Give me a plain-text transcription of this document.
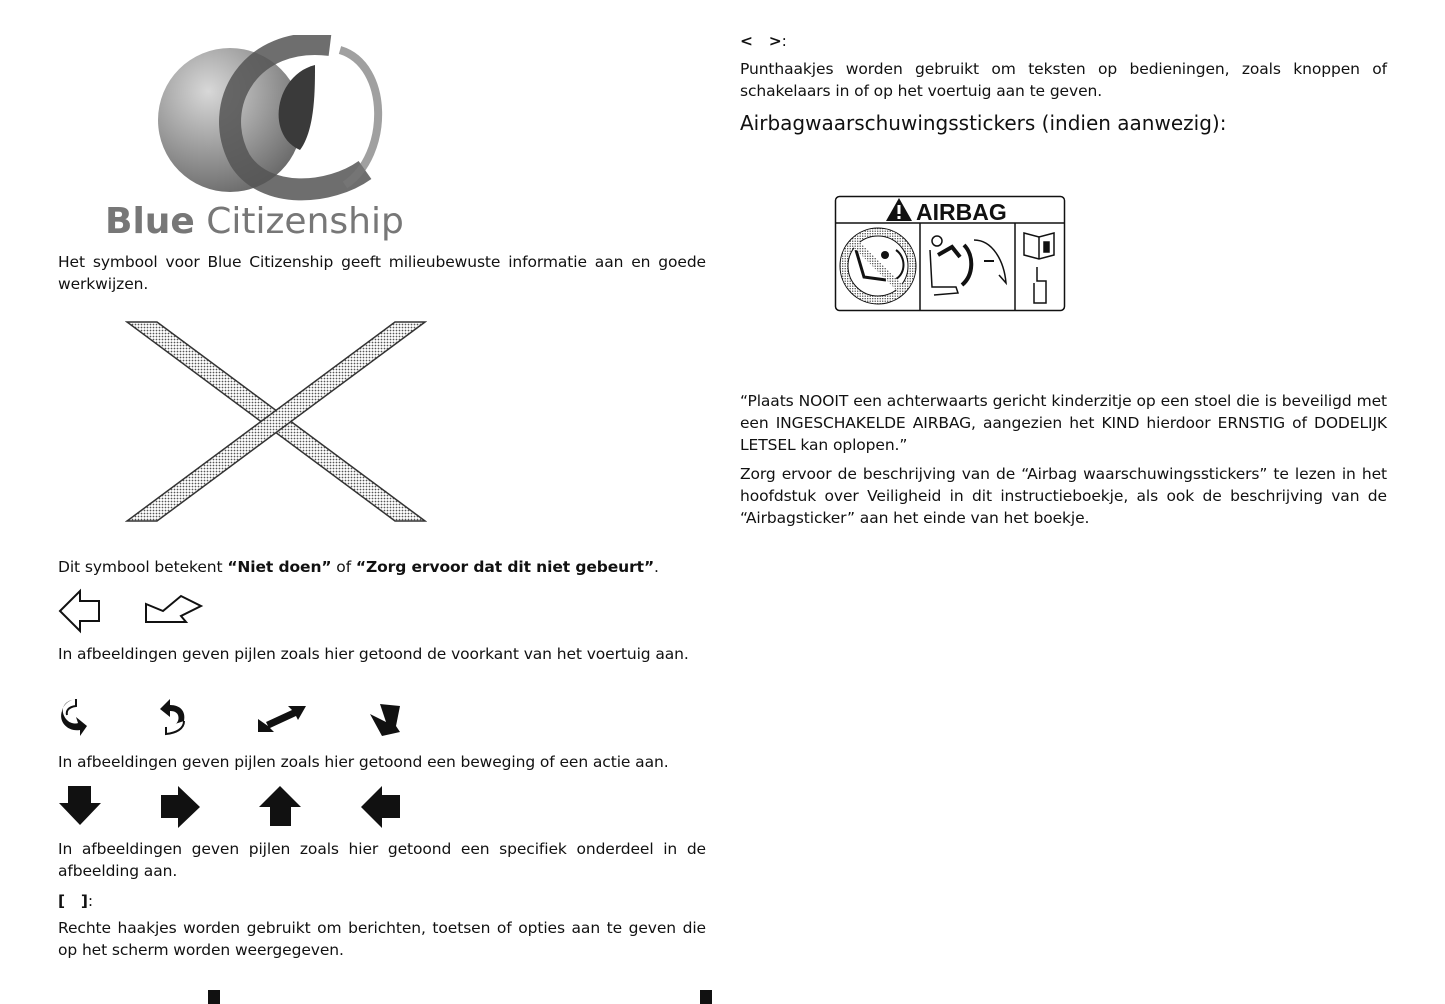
Blue Citizenship

Het symbool voor Blue Citizenship geeft milieubewuste informatie aan en goede werkwijzen.

Dit symbool betekent “Niet doen” of “Zorg ervoor dat dit niet gebeurt”.

In afbeeldingen geven pijlen zoals hier getoond de voorkant van het voertuig aan.

In afbeeldingen geven pijlen zoals hier getoond een beweging of een actie aan.

In afbeeldingen geven pijlen zoals hier getoond een specifiek onderdeel in de afbeelding aan.

[   ]:

Rechte haakjes worden gebruikt om berichten, toetsen of opties aan te geven die op het scherm worden weergegeven.

<   >:

Punthaakjes worden gebruikt om teksten op bedieningen, zoals knoppen of schakelaars in of op het voertuig aan te geven.

Airbagwaarschuwingsstickers (indien aanwezig):
AIRBAG

“Plaats NOOIT een achterwaarts gericht kinderzitje op een stoel die is beveiligd met een INGESCHAKELDE AIRBAG, aangezien het KIND hierdoor ERNSTIG of DODELIJK LETSEL kan oplopen.”

Zorg ervoor de beschrijving van de “Airbag waarschuwingsstickers” te lezen in het hoofdstuk over Veiligheid in dit instructieboekje, als ook de beschrijving van de “Airbagsticker” aan het einde van het boekje.
